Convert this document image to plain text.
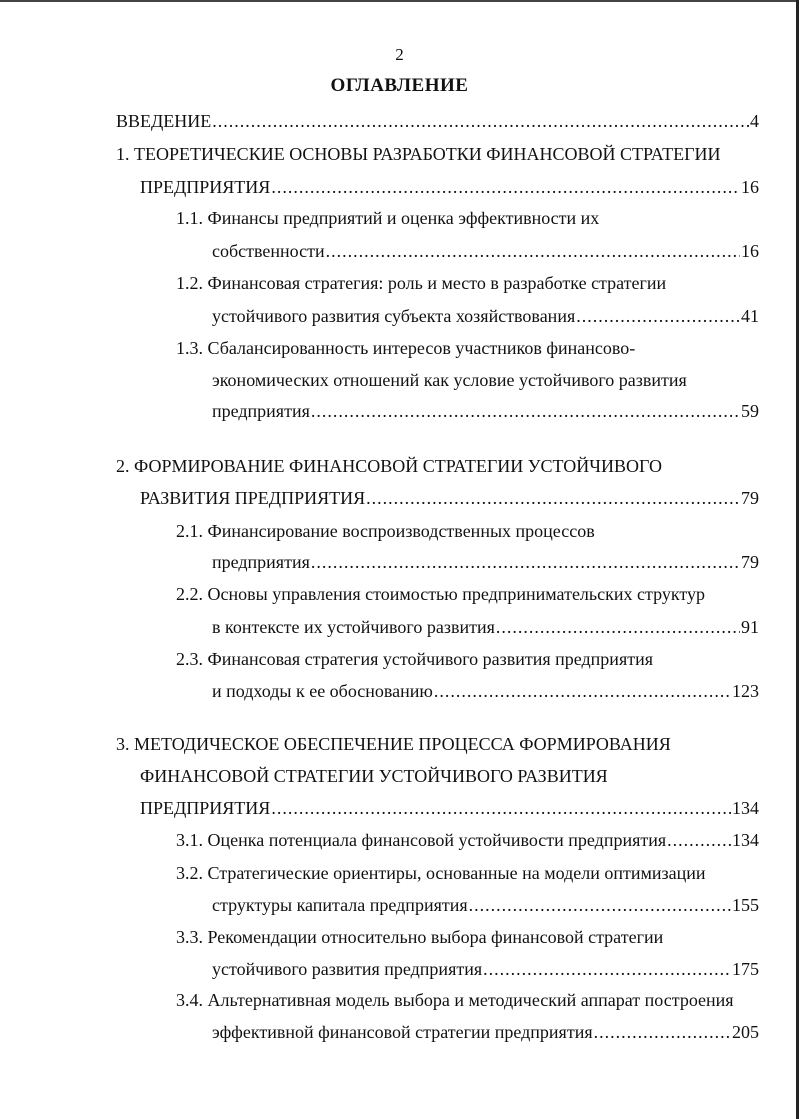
2
ОГЛАВЛЕНИЕ
ВВЕДЕНИЕ .....	4
1. ТЕОРЕТИЧЕСКИЕ ОСНОВЫ РАЗРАБОТКИ ФИНАНСОВОЙ СТРАТЕГИИ
ПРЕДПРИЯТИЯ .....	16
1.1. Финансы предприятий и оценка эффективности их
собственности .....	16
1.2. Финансовая стратегия: роль и место в разработке стратегии
устойчивого развития субъекта хозяйствования .....	41
1.3. Сбалансированность интересов участников финансово-
экономических отношений как условие устойчивого развития
предприятия .....	59
2. ФОРМИРОВАНИЕ ФИНАНСОВОЙ СТРАТЕГИИ УСТОЙЧИВОГО
РАЗВИТИЯ ПРЕДПРИЯТИЯ .....	79
2.1. Финансирование воспроизводственных процессов
предприятия .....	79
2.2. Основы управления стоимостью предпринимательских структур
в контексте их устойчивого развития .....	91
2.3. Финансовая стратегия устойчивого развития предприятия
и подходы к ее обоснованию .....	123
3. МЕТОДИЧЕСКОЕ ОБЕСПЕЧЕНИЕ ПРОЦЕССА ФОРМИРОВАНИЯ
ФИНАНСОВОЙ СТРАТЕГИИ УСТОЙЧИВОГО РАЗВИТИЯ
ПРЕДПРИЯТИЯ .....	134
3.1. Оценка потенциала финансовой устойчивости предприятия .....	134
3.2. Стратегические ориентиры, основанные на модели оптимизации
структуры капитала предприятия .....	155
3.3. Рекомендации относительно выбора финансовой стратегии
устойчивого развития предприятия .....	175
3.4. Альтернативная модель выбора и методический аппарат построения
эффективной финансовой стратегии предприятия .....	205
